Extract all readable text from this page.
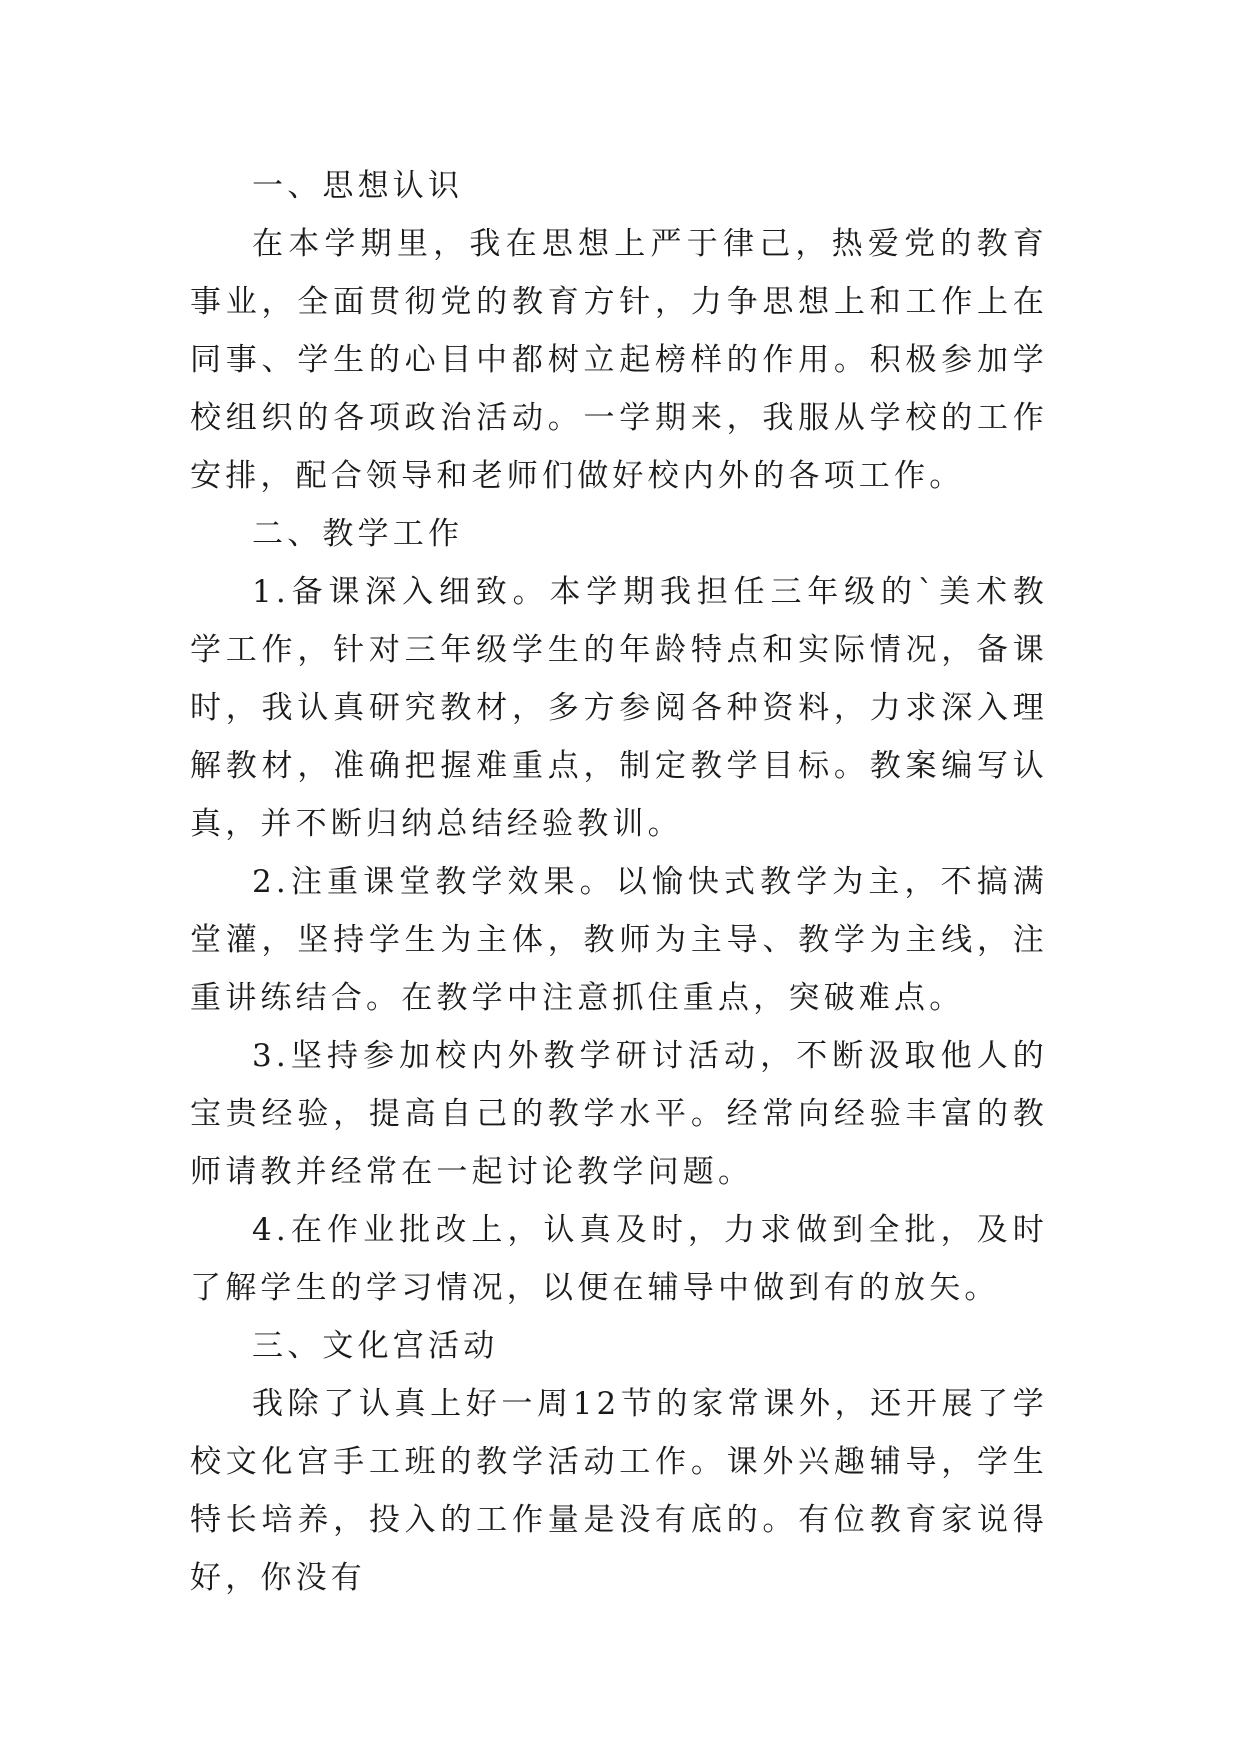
一、思想认识

在本学期里，我在思想上严于律己，热爱党的教育事业，全面贯彻党的教育方针，力争思想上和工作上在同事、学生的心目中都树立起榜样的作用。积极参加学校组织的各项政治活动。一学期来，我服从学校的工作安排，配合领导和老师们做好校内外的各项工作。

二、教学工作

1.备课深入细致。本学期我担任三年级的`美术教学工作，针对三年级学生的年龄特点和实际情况，备课时，我认真研究教材，多方参阅各种资料，力求深入理解教材，准确把握难重点，制定教学目标。教案编写认真，并不断归纳总结经验教训。

2.注重课堂教学效果。以愉快式教学为主，不搞满堂灌，坚持学生为主体，教师为主导、教学为主线，注重讲练结合。在教学中注意抓住重点，突破难点。

3.坚持参加校内外教学研讨活动，不断汲取他人的宝贵经验，提高自己的教学水平。经常向经验丰富的教师请教并经常在一起讨论教学问题。

4.在作业批改上，认真及时，力求做到全批，及时了解学生的学习情况，以便在辅导中做到有的放矢。

三、文化宫活动

我除了认真上好一周12节的家常课外，还开展了学校文化宫手工班的教学活动工作。课外兴趣辅导，学生特长培养，投入的工作量是没有底的。有位教育家说得好，你没有
